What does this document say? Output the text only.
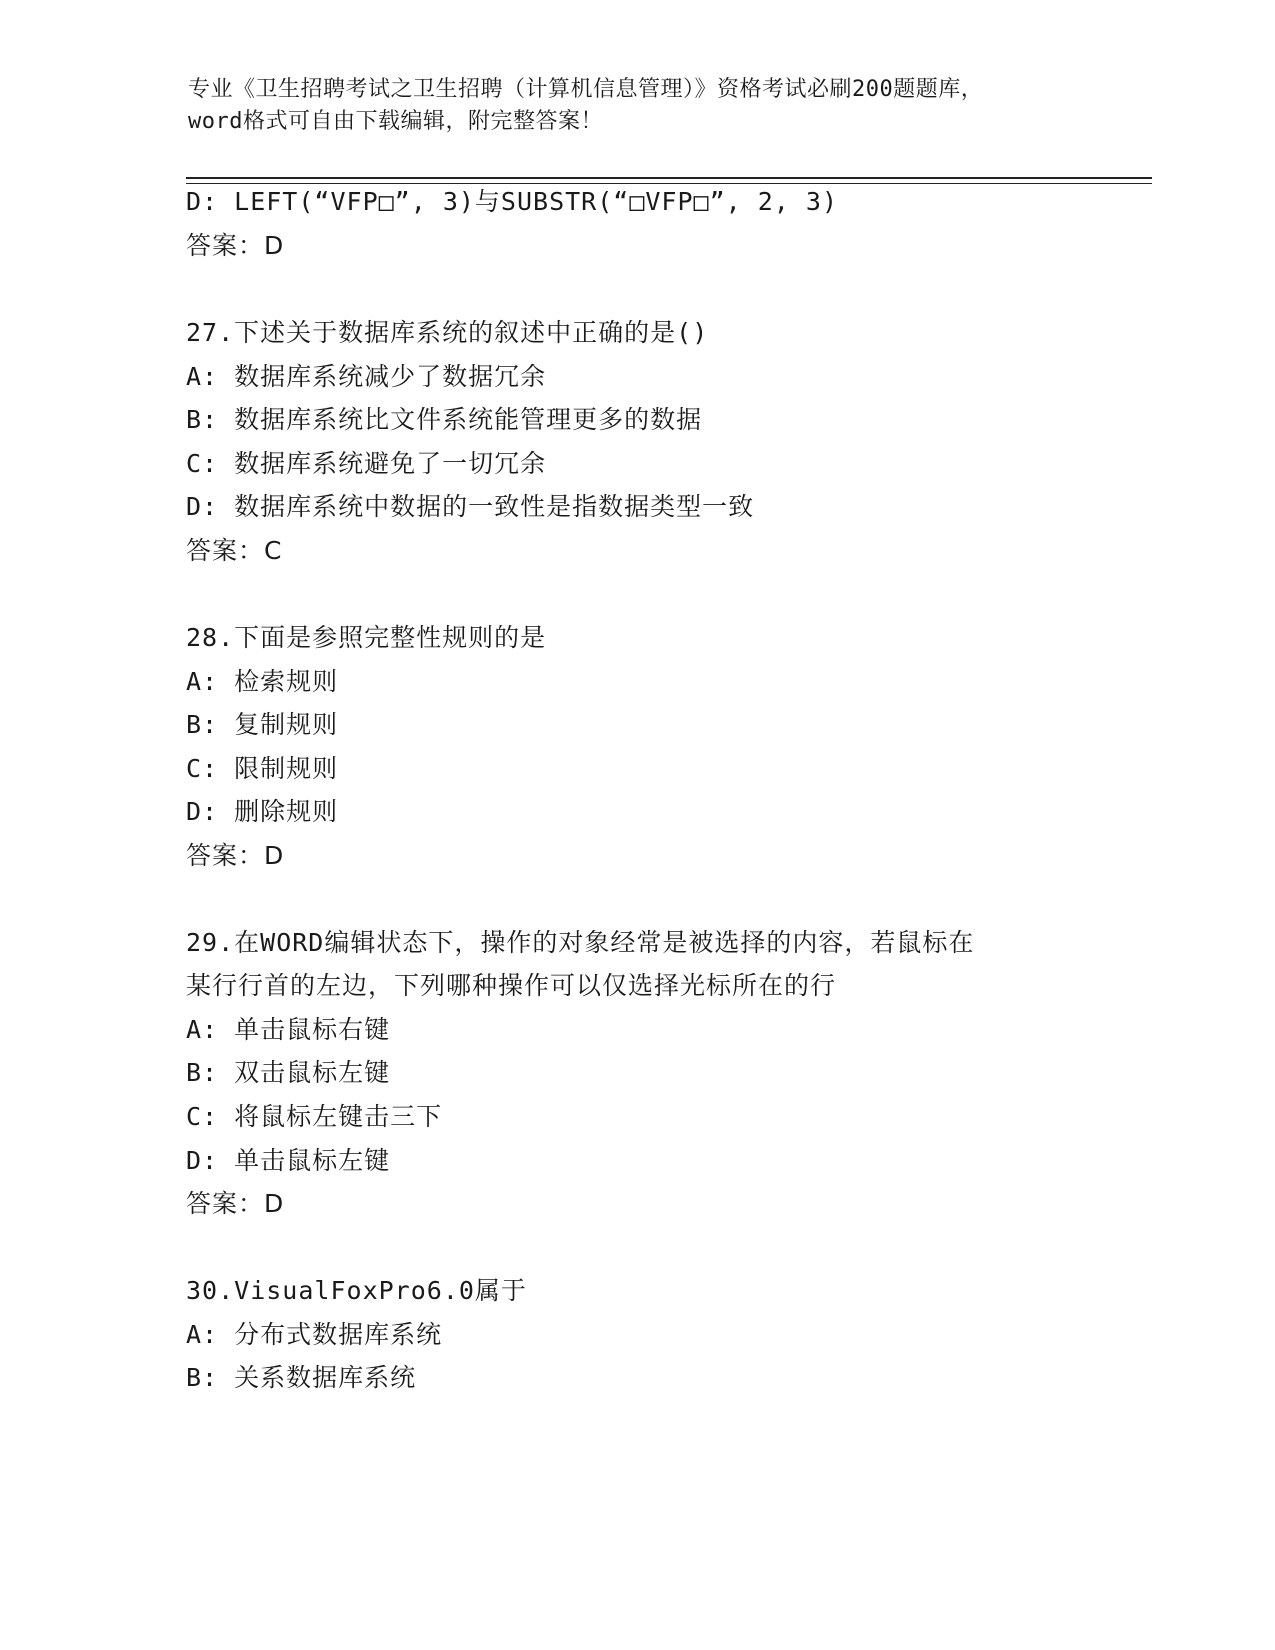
专业《卫生招聘考试之卫生招聘（计算机信息管理）》资格考试必刷200题题库，
word格式可自由下载编辑，附完整答案！
D: LEFT(“VFP□”, 3)与SUBSTR(“□VFP□”, 2, 3)
答案：D
27.下述关于数据库系统的叙述中正确的是()
A: 数据库系统减少了数据冗余
B: 数据库系统比文件系统能管理更多的数据
C: 数据库系统避免了一切冗余
D: 数据库系统中数据的一致性是指数据类型一致
答案：C
28.下面是参照完整性规则的是
A: 检索规则
B: 复制规则
C: 限制规则
D: 删除规则
答案：D
29.在WORD编辑状态下，操作的对象经常是被选择的内容，若鼠标在
某行行首的左边，下列哪种操作可以仅选择光标所在的行
A: 单击鼠标右键
B: 双击鼠标左键
C: 将鼠标左键击三下
D: 单击鼠标左键
答案：D
30.VisualFoxPro6.0属于
A: 分布式数据库系统
B: 关系数据库系统
